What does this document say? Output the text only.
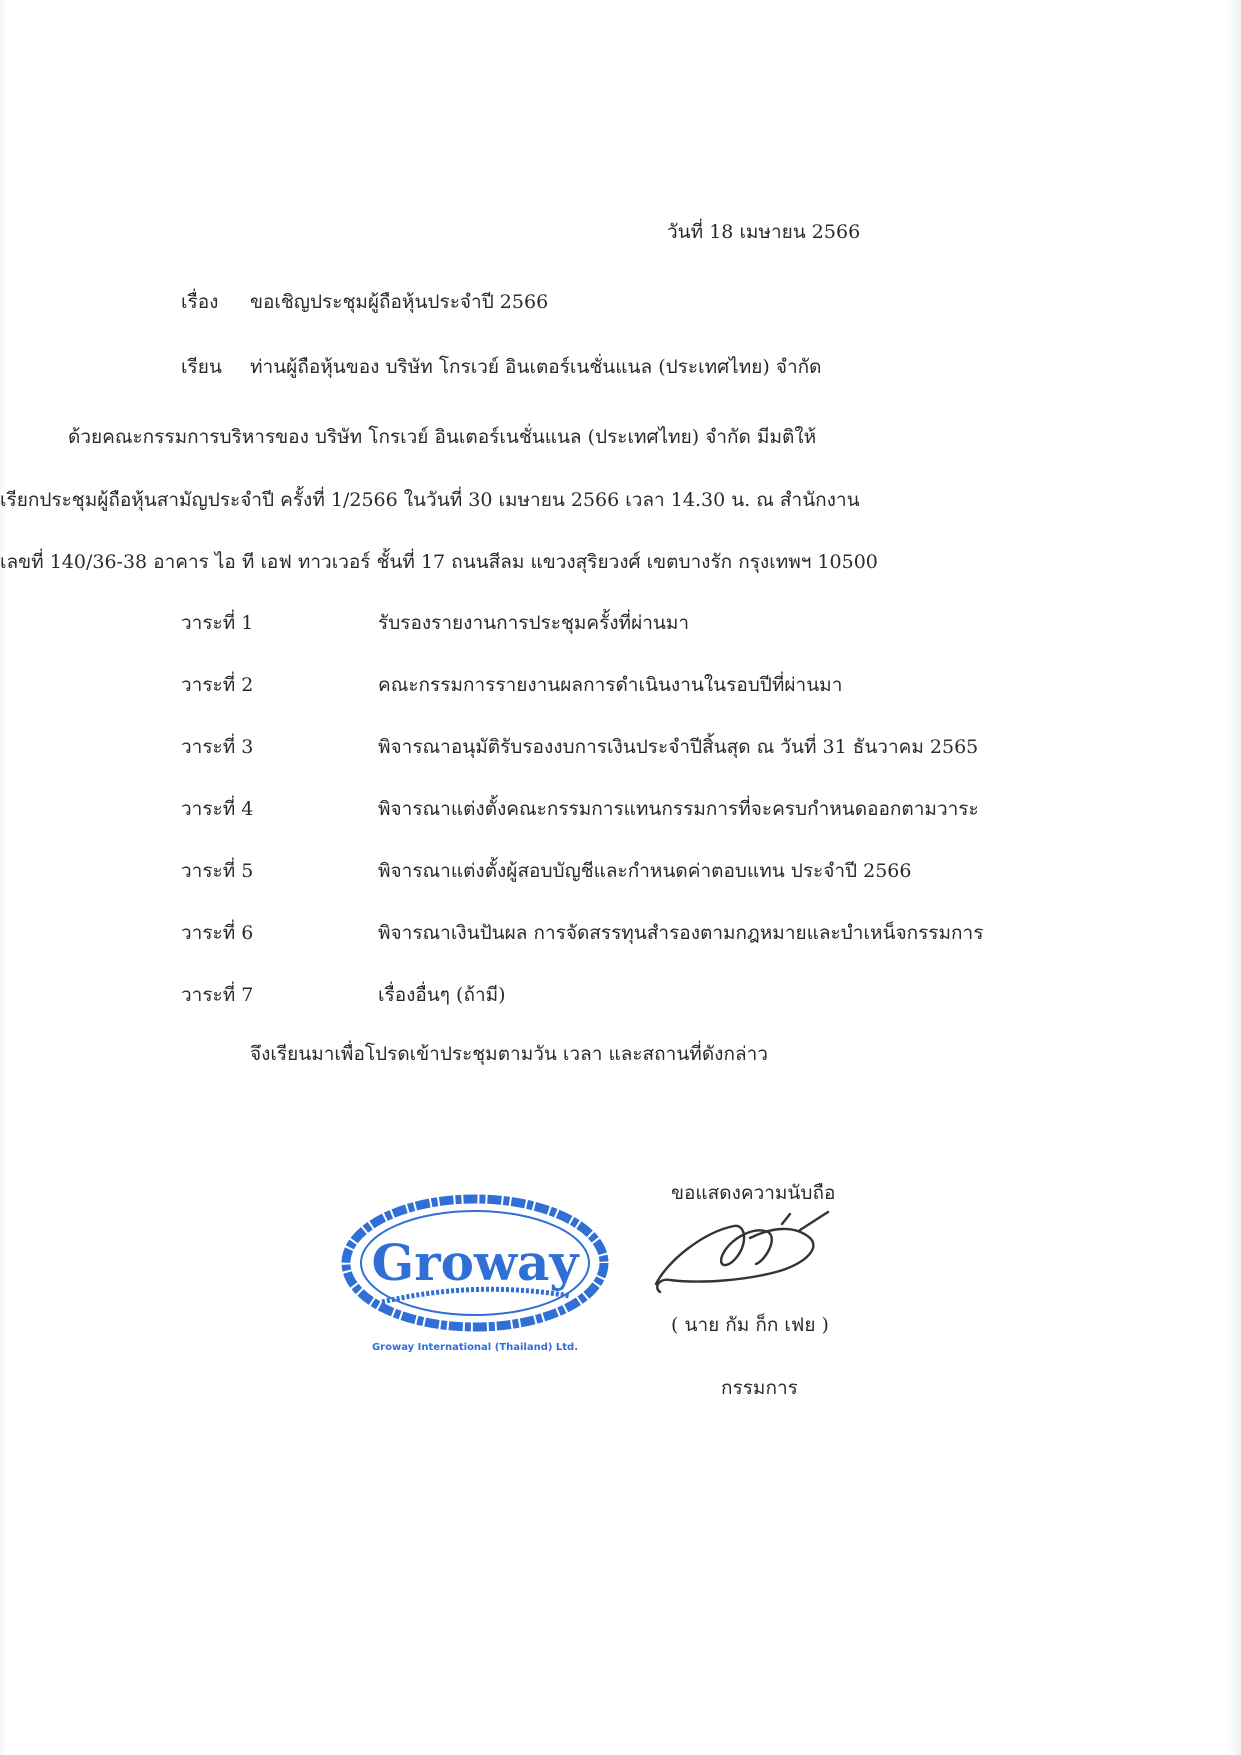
วันที่ 18 เมษายน 2566
เรื่อง ขอเชิญประชุมผู้ถือหุ้นประจำปี 2566
เรียน ท่านผู้ถือหุ้นของ บริษัท โกรเวย์ อินเตอร์เนชั่นแนล (ประเทศไทย) จำกัด
ด้วยคณะกรรมการบริหารของ บริษัท โกรเวย์ อินเตอร์เนชั่นแนล (ประเทศไทย) จำกัด มีมติให้
เรียกประชุมผู้ถือหุ้นสามัญประจำปี ครั้งที่ 1/2566 ในวันที่ 30 เมษายน 2566 เวลา 14.30 น. ณ สำนักงาน
เลขที่ 140/36-38 อาคาร ไอ ที เอฟ ทาวเวอร์ ชั้นที่ 17 ถนนสีลม แขวงสุริยวงศ์ เขตบางรัก กรุงเทพฯ 10500
วาระที่ 1	รับรองรายงานการประชุมครั้งที่ผ่านมา
วาระที่ 2	คณะกรรมการรายงานผลการดำเนินงานในรอบปีที่ผ่านมา
วาระที่ 3	พิจารณาอนุมัติรับรองงบการเงินประจำปีสิ้นสุด ณ วันที่ 31 ธันวาคม 2565
วาระที่ 4	พิจารณาแต่งตั้งคณะกรรมการแทนกรรมการที่จะครบกำหนดออกตามวาระ
วาระที่ 5	พิจารณาแต่งตั้งผู้สอบบัญชีและกำหนดค่าตอบแทน ประจำปี 2566
วาระที่ 6	พิจารณาเงินปันผล การจัดสรรทุนสำรองตามกฎหมายและบำเหน็จกรรมการ
วาระที่ 7	เรื่องอื่นๆ (ถ้ามี)
จึงเรียนมาเพื่อโปรดเข้าประชุมตามวัน เวลา และสถานที่ดังกล่าว
ขอแสดงความนับถือ
Groway
Groway International (Thailand) Ltd.
( นาย กัม ก็ก เฟย )
กรรมการ
